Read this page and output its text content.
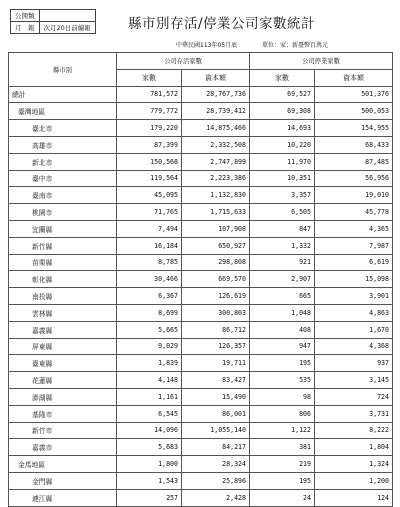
公開類	
月　報	次月20日前編報	縣市別存活/停業公司家數統計
中華民國113年05月底	單位：家；新臺幣百萬元
縣市別	公司存活家數		公司停業家數	
	家數	資本額	家數	資本額
總計	781,572	28,767,736	69,527	501,376
臺灣地區	779,772	28,739,412	69,308	500,053
臺北市	179,220	14,875,466	14,693	154,955
高雄市	87,399	2,332,508	10,220	68,433
新北市	150,568	2,747,899	11,970	87,485
臺中市	119,564	2,223,386	10,351	56,956
臺南市	45,095	1,132,830	3,357	19,010
桃園市	71,765	1,715,633	6,505	45,778
宜蘭縣	7,494	107,908	847	4,365
新竹縣	16,184	650,927	1,332	7,987
苗栗縣	8,785	298,808	921	6,619
彰化縣	30,466	669,570	2,907	15,098
南投縣	6,367	126,619	665	3,901
雲林縣	8,699	300,803	1,048	4,863
嘉義縣	5,665	86,712	408	1,670
屏東縣	9,029	126,357	947	4,368
臺東縣	1,839	19,711	195	937
花蓮縣	4,148	83,427	535	3,145
澎湖縣	1,161	15,490	98	724
基隆市	6,545	86,001	806	3,731
新竹市	14,096	1,055,140	1,122	8,222
嘉義市	5,683	84,217	381	1,804
金馬地區	1,800	28,324	219	1,324
金門縣	1,543	25,896	195	1,200
連江縣	257	2,428	24	124
